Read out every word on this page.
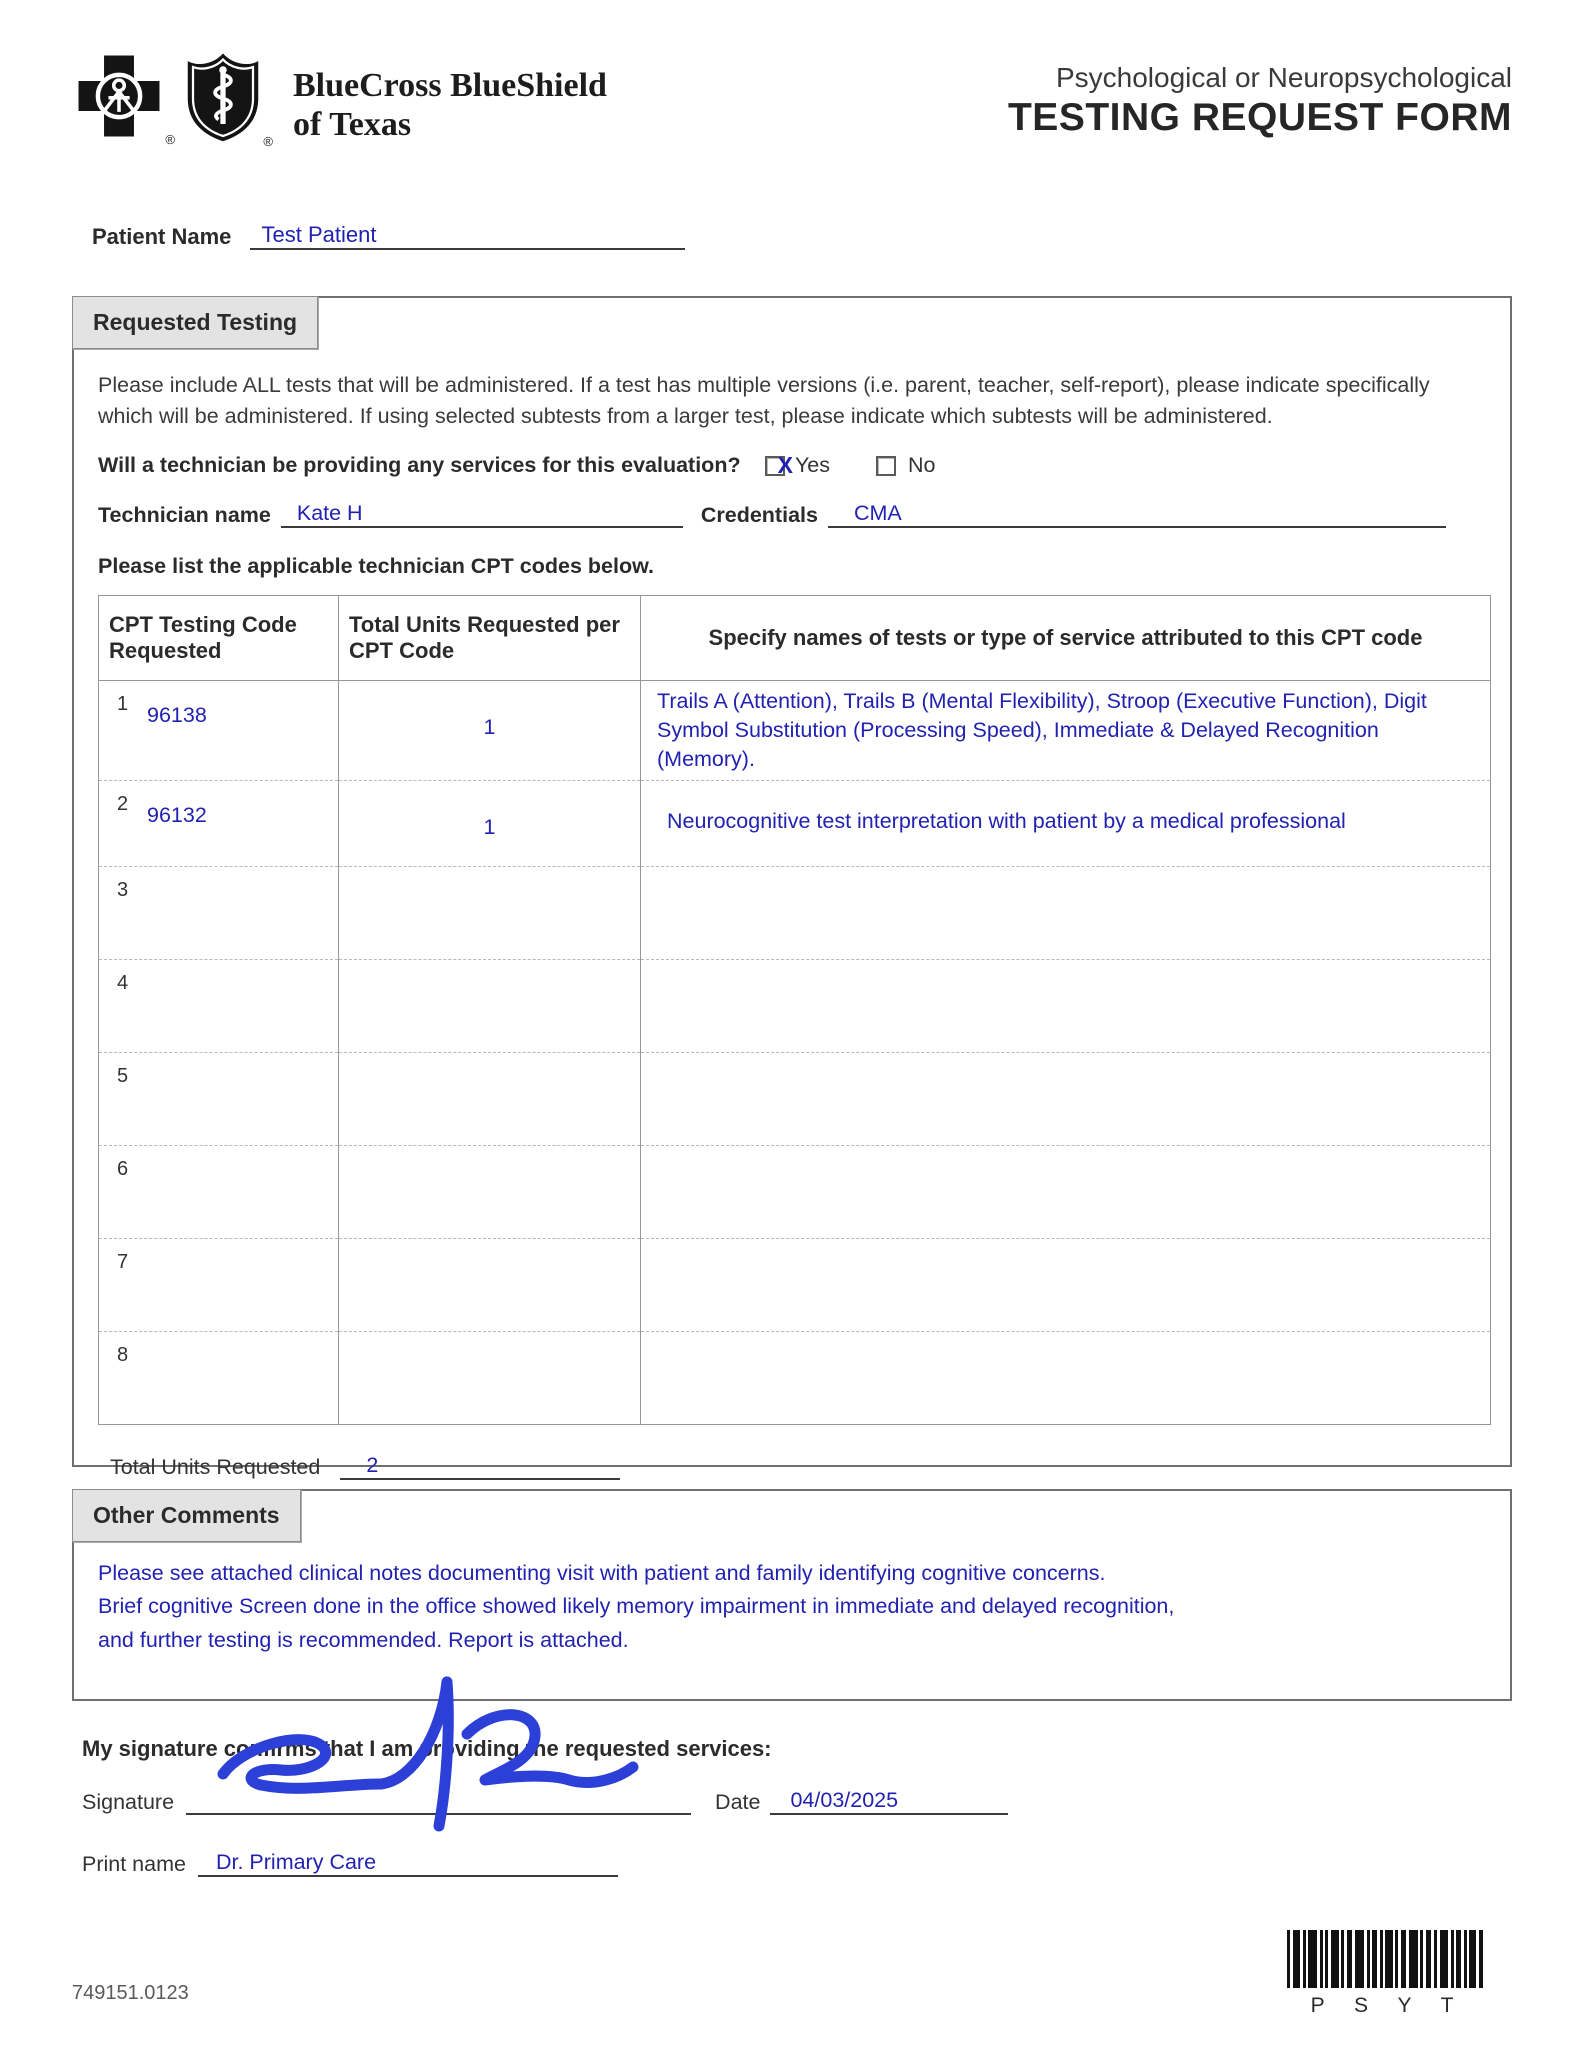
®	®
BlueCross BlueShield
of Texas
Psychological or Neuropsychological
TESTING REQUEST FORM
Patient Name Test Patient
Requested Testing
Please include ALL tests that will be administered. If a test has multiple versions (i.e. parent, teacher, self-report), please indicate specifically which will be administered. If using selected subtests from a larger test, please indicate which subtests will be administered.
Will a technician be providing any services for this evaluation? X Yes	No
Technician name	Kate H	Credentials	CMA
Please list the applicable technician CPT codes below.
CPT Testing Code Requested	Total Units Requested per CPT Code	Specify names of tests or type of service attributed to this CPT code

1 96138	1	Trails A (Attention), Trails B (Mental Flexibility), Stroop (Executive Function), Digit Symbol Substitution (Processing Speed), Immediate & Delayed Recognition (Memory).

2 96132	1	Neurocognitive test interpretation with patient by a medical professional

3		

4		

5		

6		

7		

8		

Total Units Requested 2
Other Comments
Please see attached clinical notes documenting visit with patient and family identifying cognitive concerns.
Brief cognitive Screen done in the office showed likely memory impairment in immediate and delayed recognition,
and further testing is recommended. Report is attached.
My signature confirms that I am providing the requested services:
Signature	Date	04/03/2025
Print name	Dr. Primary Care
749151.0123
P S Y T
